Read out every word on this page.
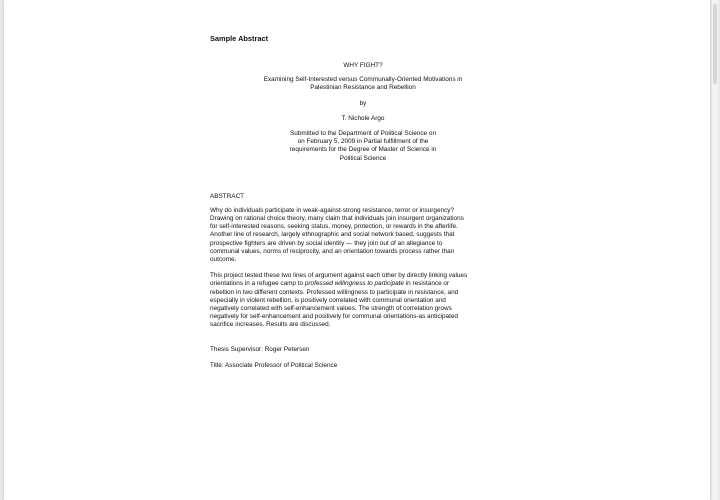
Sample Abstract

WHY FIGHT?
Examining Self-Interested versus Communally-Oriented Motivations in
Palestinian Resistance and Rebellion
by
T. Nichole Argo
Submitted to the Department of Political Science on
on February 5, 2009 in Partial fulfillment of the
requirements for the Degree of Master of Science in
Political Science
ABSTRACT
Why do individuals participate in weak-against-strong resistance, terror or insurgency?
Drawing on rational choice theory, many claim that individuals join insurgent organizations
for self-interested reasons, seeking status, money, protection, or rewards in the afterlife.
Another line of research, largely ethnographic and social network based, suggests that
prospective fighters are driven by social identity — they join out of an allegiance to
communal values, norms of reciprocity, and an orientation towards process rather than
outcome.
This project tested these two lines of argument against each other by directly linking values
orientations in a refugee camp to professed willingness to participate in resistance or
rebellion in two different contexts. Professed willingness to participate in resistance, and
especially in violent rebellion, is positively correlated with communal orientation and
negatively correlated with self-enhancement values. The strength of correlation grows
negatively for self-enhancement and positively for communal orientations-as anticipated
sacrifice increases. Results are discussed.
Thesis Supervisor: Roger Petersen
Title: Associate Professor of Political Science
